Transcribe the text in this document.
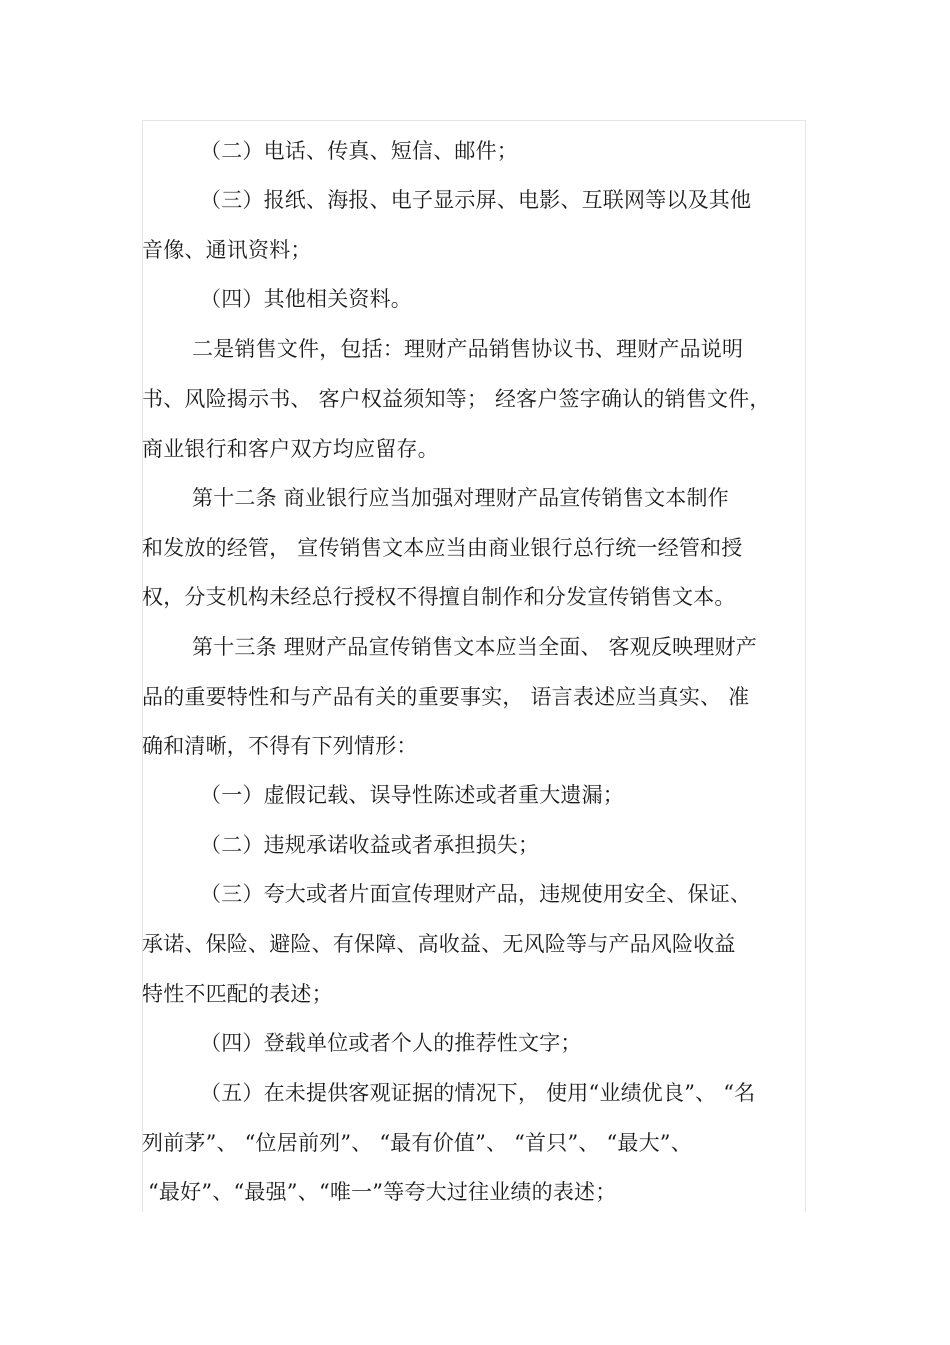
（二）电话、传真、短信、邮件；
（三）报纸、海报、电子显示屏、电影、互联网等以及其他
音像、通讯资料；
（四）其他相关资料。
二是销售文件，包括：理财产品销售协议书、理财产品说明
书、风险揭示书、 客户权益须知等； 经客户签字确认的销售文件，
商业银行和客户双方均应留存。
第十二条 商业银行应当加强对理财产品宣传销售文本制作
和发放的经管， 宣传销售文本应当由商业银行总行统一经管和授
权，分支机构未经总行授权不得擅自制作和分发宣传销售文本。
第十三条 理财产品宣传销售文本应当全面、 客观反映理财产
品的重要特性和与产品有关的重要事实， 语言表述应当真实、 准
确和清晰，不得有下列情形：
（一）虚假记载、误导性陈述或者重大遗漏；
（二）违规承诺收益或者承担损失；
（三）夸大或者片面宣传理财产品，违规使用安全、保证、
承诺、保险、避险、有保障、高收益、无风险等与产品风险收益
特性不匹配的表述；
（四）登载单位或者个人的推荐性文字；
（五）在未提供客观证据的情况下， 使用“业绩优良”、 “名
列前茅”、 “位居前列”、 “最有价值”、 “首只”、 “最大”、
“最好”、“最强”、“唯一”等夸大过往业绩的表述；
